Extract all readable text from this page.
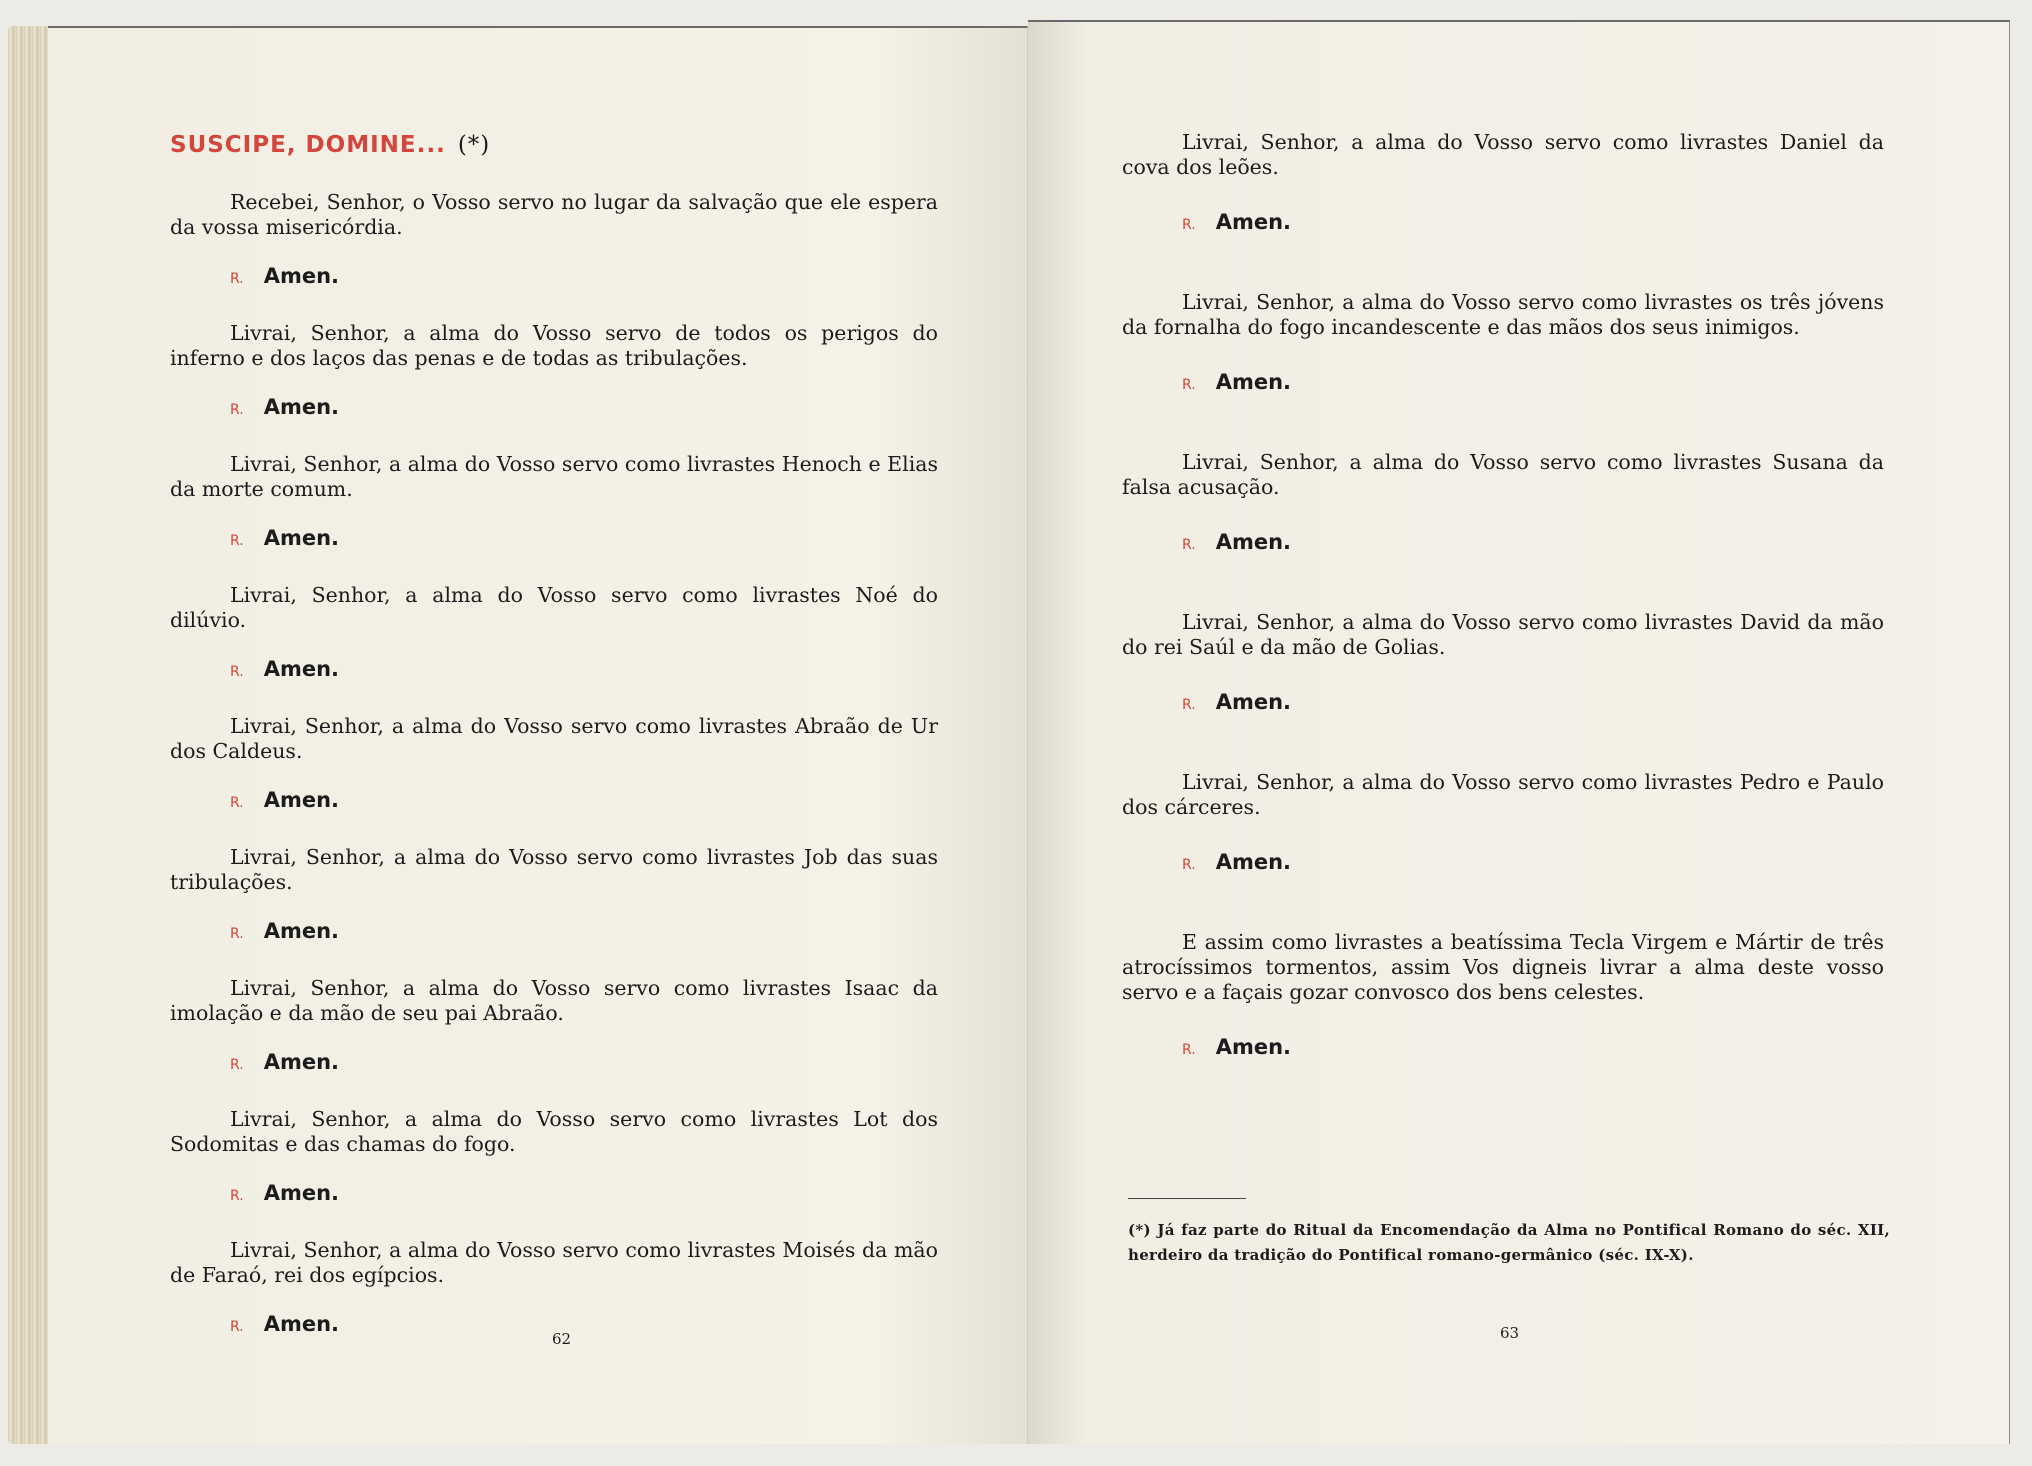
SUSCIPE, DOMINE... (*)

Recebei, Senhor, o Vosso servo no lugar da salvação que ele espera da vossa misericórdia.

R. Amen.

Livrai, Senhor, a alma do Vosso servo de todos os perigos do inferno e dos laços das penas e de todas as tribulações.

R. Amen.

Livrai, Senhor, a alma do Vosso servo como livrastes Henoch e Elias da morte comum.

R. Amen.

Livrai, Senhor, a alma do Vosso servo como livrastes Noé do dilúvio.

R. Amen.

Livrai, Senhor, a alma do Vosso servo como livrastes Abraão de Ur dos Caldeus.

R. Amen.

Livrai, Senhor, a alma do Vosso servo como livrastes Job das suas tribulações.

R. Amen.

Livrai, Senhor, a alma do Vosso servo como livrastes Isaac da imolação e da mão de seu pai Abraão.

R. Amen.

Livrai, Senhor, a alma do Vosso servo como livrastes Lot dos Sodomitas e das chamas do fogo.

R. Amen.

Livrai, Senhor, a alma do Vosso servo como livrastes Moisés da mão de Faraó, rei dos egípcios.

R. Amen.
62

Livrai, Senhor, a alma do Vosso servo como livrastes Daniel da cova dos leões.

R. Amen.

Livrai, Senhor, a alma do Vosso servo como livrastes os três jóvens da fornalha do fogo incandescente e das mãos dos seus inimigos.

R. Amen.

Livrai, Senhor, a alma do Vosso servo como livrastes Susana da falsa acusação.

R. Amen.

Livrai, Senhor, a alma do Vosso servo como livrastes David da mão do rei Saúl e da mão de Golias.

R. Amen.

Livrai, Senhor, a alma do Vosso servo como livrastes Pedro e Paulo dos cárceres.

R. Amen.

E assim como livrastes a beatíssima Tecla Virgem e Mártir de três atrocíssimos tormentos, assim Vos digneis livrar a alma deste vosso servo e a façais gozar convosco dos bens celestes.

R. Amen.
(*) Já faz parte do Ritual da Encomendação da Alma no Pontifical Romano do séc. XII, herdeiro da tradição do Pontifical romano-germânico (séc. IX-X).
63
